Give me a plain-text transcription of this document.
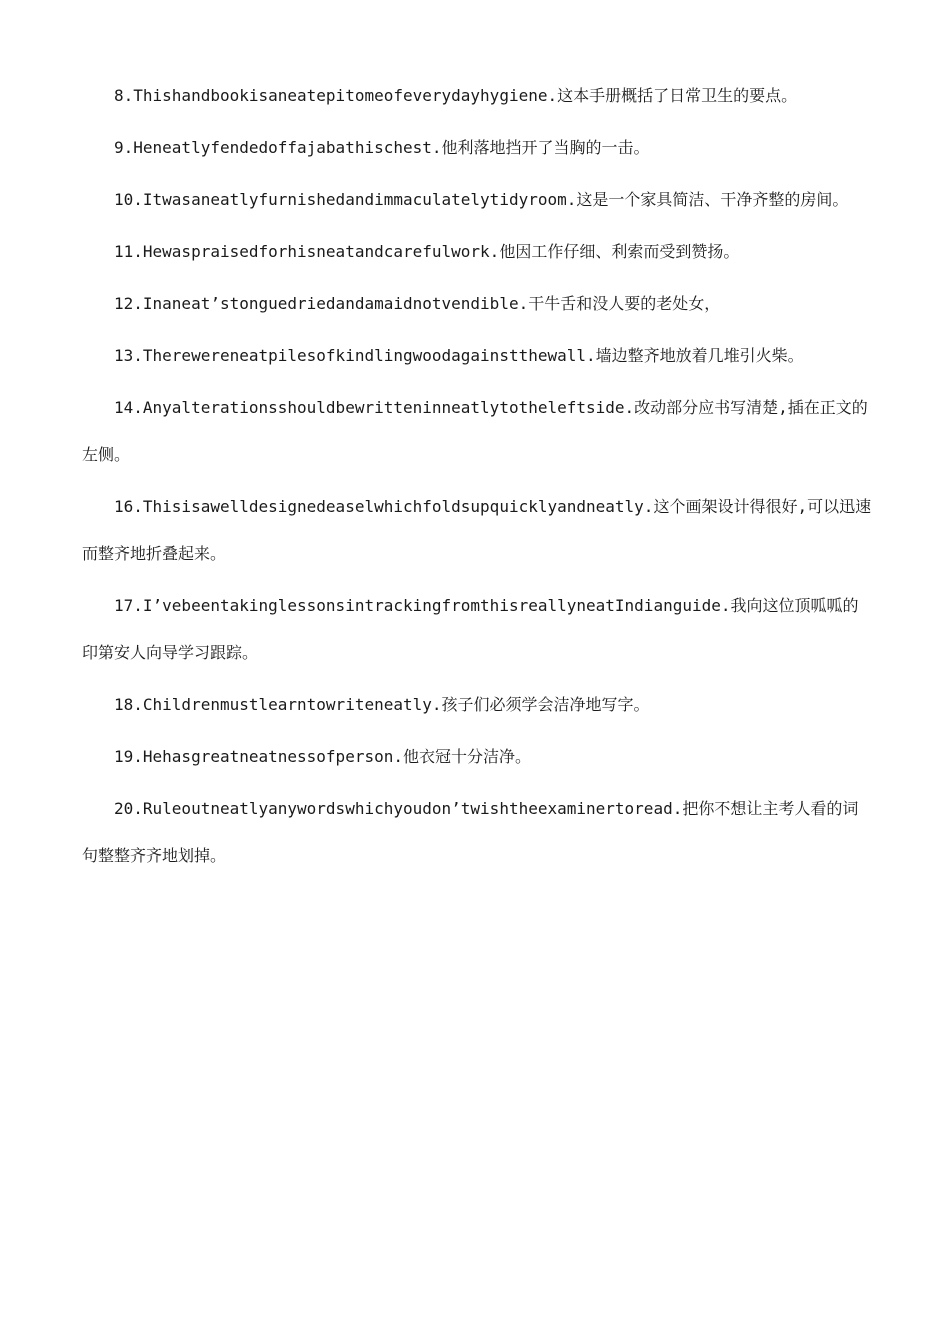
8.Thishandbookisaneatepitomeofeverydayhygiene.这本手册概括了日常卫生的要点。

9.Heneatlyfendedoffajabathischest.他利落地挡开了当胸的一击。

10.Itwasaneatlyfurnishedandimmaculatelytidyroom.这是一个家具简洁、干净齐整的房间。

11.Hewaspraisedforhisneatandcarefulwork.他因工作仔细、利索而受到赞扬。

12.Inaneat’stonguedriedandamaidnotvendible.干牛舌和没人要的老处女，

13.Therewereneatpilesofkindlingwoodagainstthewall.墙边整齐地放着几堆引火柴。

14.Anyalterationsshouldbewritteninneatlytotheleftside.改动部分应书写清楚,插在正文的左侧。

16.Thisisawelldesignedeaselwhichfoldsupquicklyandneatly.这个画架设计得很好,可以迅速而整齐地折叠起来。

17.I’vebeentakinglessonsintrackingfromthisreallyneatIndianguide.我向这位顶呱呱的印第安人向导学习跟踪。

18.Childrenmustlearntowriteneatly.孩子们必须学会洁净地写字。

19.Hehasgreatneatnessofperson.他衣冠十分洁净。

20.Ruleoutneatlyanywordswhichyoudon’twishtheexaminertoread.把你不想让主考人看的词句整整齐齐地划掉。
